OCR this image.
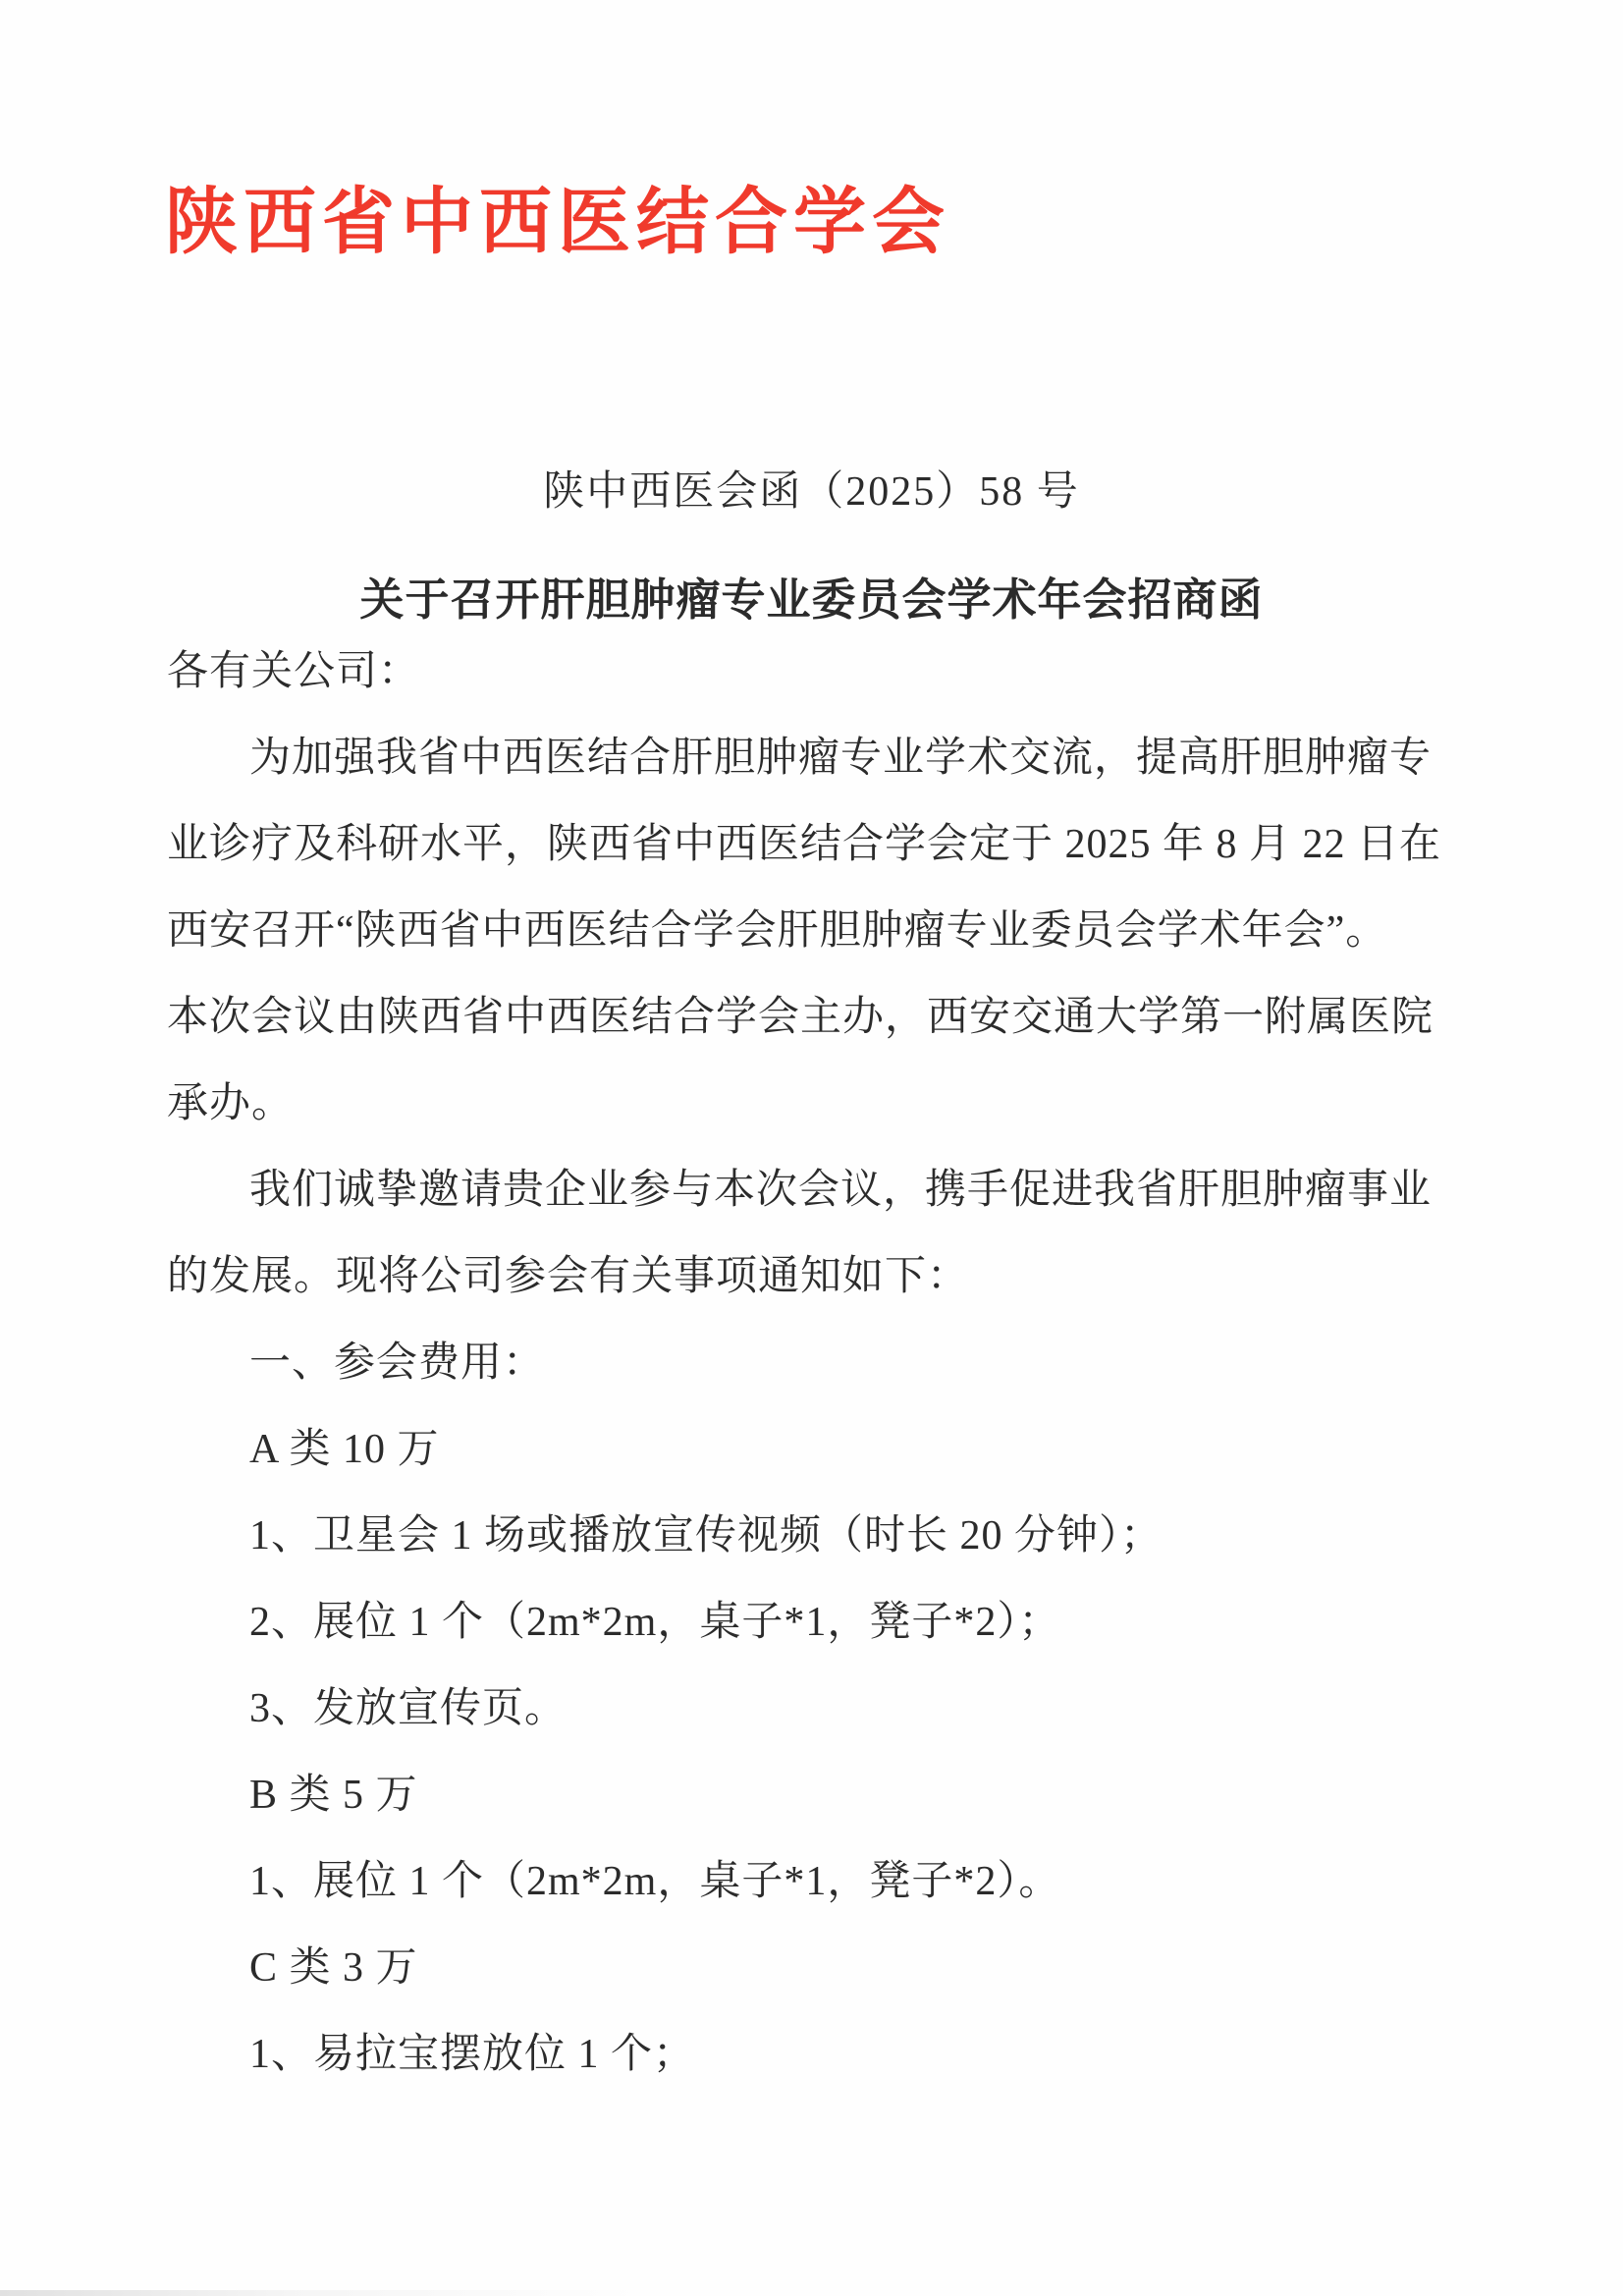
陕西省中西医结合学会
陕中西医会函（2025）58 号
关于召开肝胆肿瘤专业委员会学术年会招商函
各有关公司：
为加强我省中西医结合肝胆肿瘤专业学术交流，提高肝胆肿瘤专
业诊疗及科研水平，陕西省中西医结合学会定于 2025 年 8 月 22 日在
西安召开“陕西省中西医结合学会肝胆肿瘤专业委员会学术年会”。
本次会议由陕西省中西医结合学会主办，西安交通大学第一附属医院
承办。
我们诚挚邀请贵企业参与本次会议，携手促进我省肝胆肿瘤事业
的发展。现将公司参会有关事项通知如下：
一、参会费用：
A 类 10 万
1、卫星会 1 场或播放宣传视频（时长 20 分钟）；
2、展位 1 个（2m*2m，桌子*1，凳子*2）；
3、发放宣传页。
B 类 5 万
1、展位 1 个（2m*2m，桌子*1，凳子*2）。
C 类 3 万
1、易拉宝摆放位 1 个；
